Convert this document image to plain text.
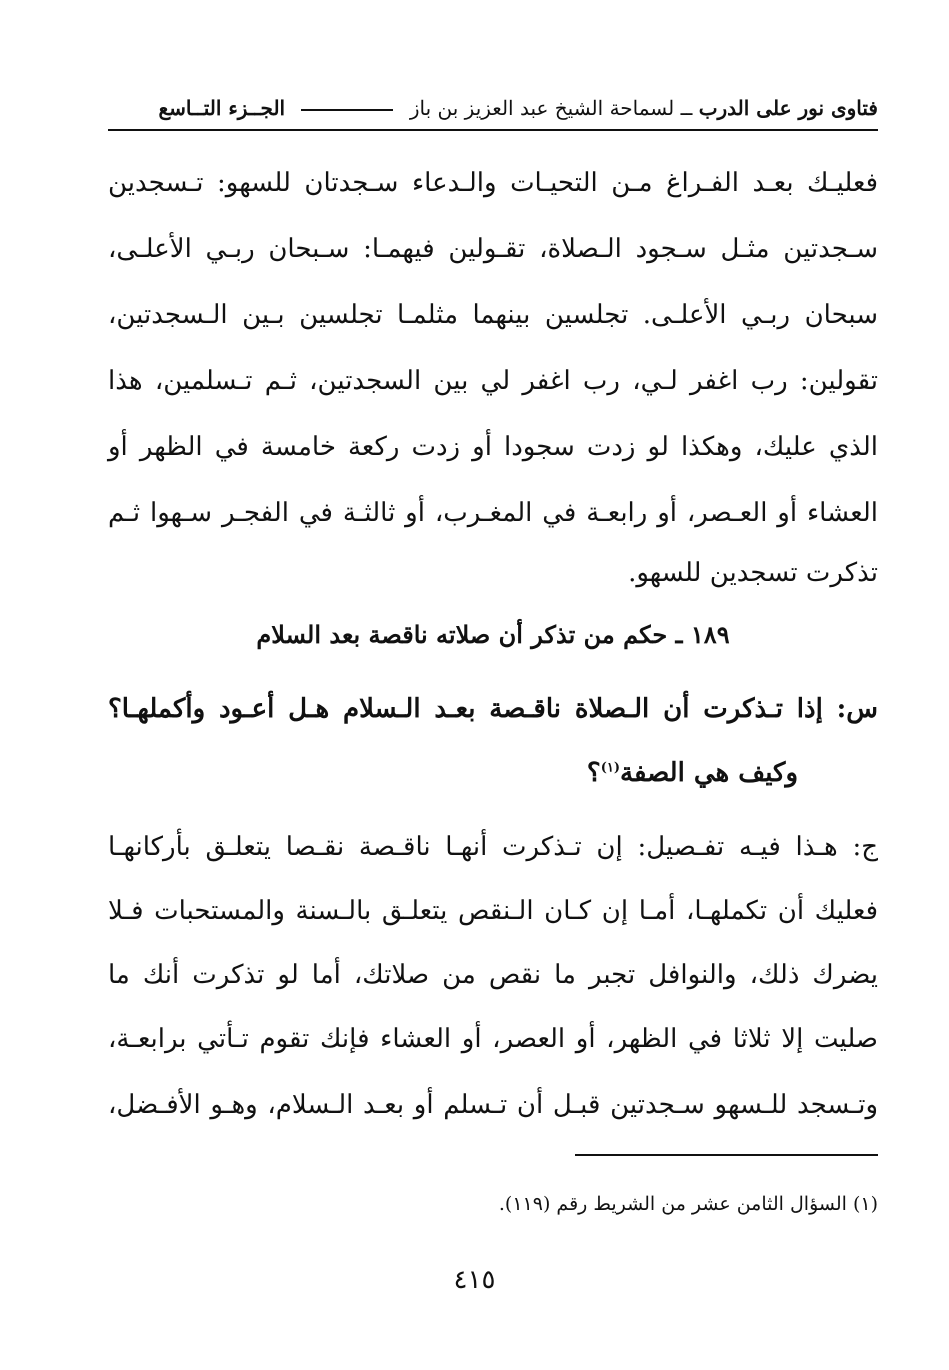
فتاوى نور على الدرب ــ لسماحة الشيخ عبد العزيز بن باز  الجــزء التــاسع
فعليـك بعـد الفـراغ مـن التحيـات والـدعاء سـجدتان للسهو: تـسجدين
سـجدتين مثـل سـجود الـصلاة، تقـولين فيهمـا: سـبحان ربـي الأعلـى،
سبحان ربـي الأعلـى. تجلسين بينهما مثلمـا تجلسين بـين الـسجدتين،
تقولين: رب اغفر لـي، رب اغفر لي بين السجدتين، ثـم تـسلمين، هذا
الذي عليك، وهكذا لو زدت سجودا أو زدت ركعة خامسة في الظهر أو
العشاء أو العـصر، أو رابعـة في المغـرب، أو ثالثـة في الفجـر سـهوا ثـم
تذكرت تسجدين للسهو.
١٨٩ ـ حكم من تذكر أن صلاته ناقصة بعد السلام
س: إذا تـذكرت أن الـصلاة ناقـصة بعـد الـسلام هـل أعـود وأكملهـا؟
وكيف هي الصفة$^{(١)}$؟
ج: هـذا فيـه تفـصيل: إن تـذكرت أنهـا ناقـصة نقـصا يتعلـق بأركانهـا
فعليك أن تكملهـا، أمـا إن كـان الـنقص يتعلـق بالـسنة والمستحبات فـلا
يضرك ذلك، والنوافل تجبر ما نقص من صلاتك، أما لو تذكرت أنك ما
صليت إلا ثلاثا في الظهر، أو العصر، أو العشاء فإنك تقوم تـأتي برابعـة،
وتـسجد للـسهو سـجدتين قبـل أن تـسلم أو بعـد الـسلام، وهـو الأفـضل،
(١) السؤال الثامن عشر من الشريط رقم (١١٩).
٤١٥
